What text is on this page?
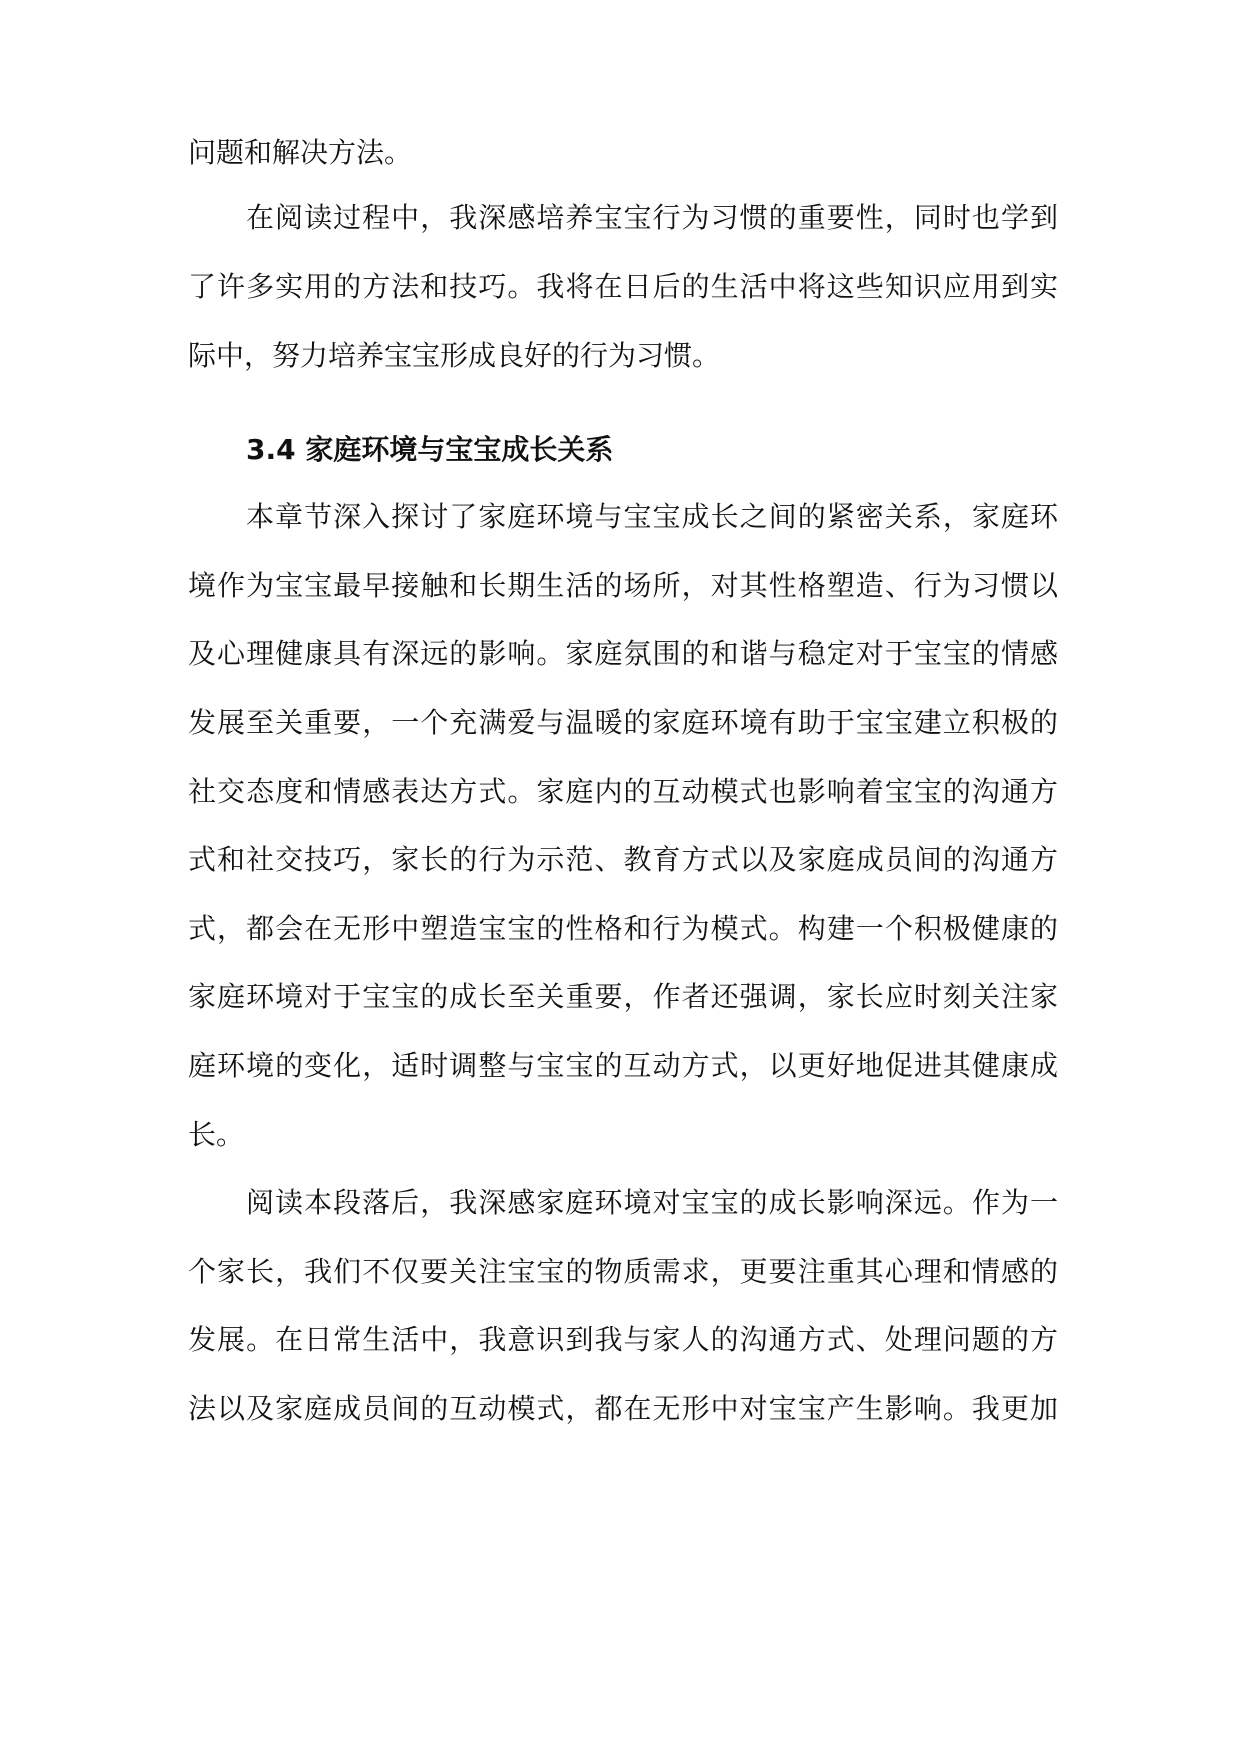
问题和解决方法。
在阅读过程中，我深感培养宝宝行为习惯的重要性，同时也学到
了许多实用的方法和技巧。我将在日后的生活中将这些知识应用到实
际中，努力培养宝宝形成良好的行为习惯。
3.4 家庭环境与宝宝成长关系
本章节深入探讨了家庭环境与宝宝成长之间的紧密关系，家庭环
境作为宝宝最早接触和长期生活的场所，对其性格塑造、行为习惯以
及心理健康具有深远的影响。家庭氛围的和谐与稳定对于宝宝的情感
发展至关重要，一个充满爱与温暖的家庭环境有助于宝宝建立积极的
社交态度和情感表达方式。家庭内的互动模式也影响着宝宝的沟通方
式和社交技巧，家长的行为示范、教育方式以及家庭成员间的沟通方
式，都会在无形中塑造宝宝的性格和行为模式。构建一个积极健康的
家庭环境对于宝宝的成长至关重要，作者还强调，家长应时刻关注家
庭环境的变化，适时调整与宝宝的互动方式，以更好地促进其健康成
长。
阅读本段落后，我深感家庭环境对宝宝的成长影响深远。作为一
个家长，我们不仅要关注宝宝的物质需求，更要注重其心理和情感的
发展。在日常生活中，我意识到我与家人的沟通方式、处理问题的方
法以及家庭成员间的互动模式，都在无形中对宝宝产生影响。我更加
